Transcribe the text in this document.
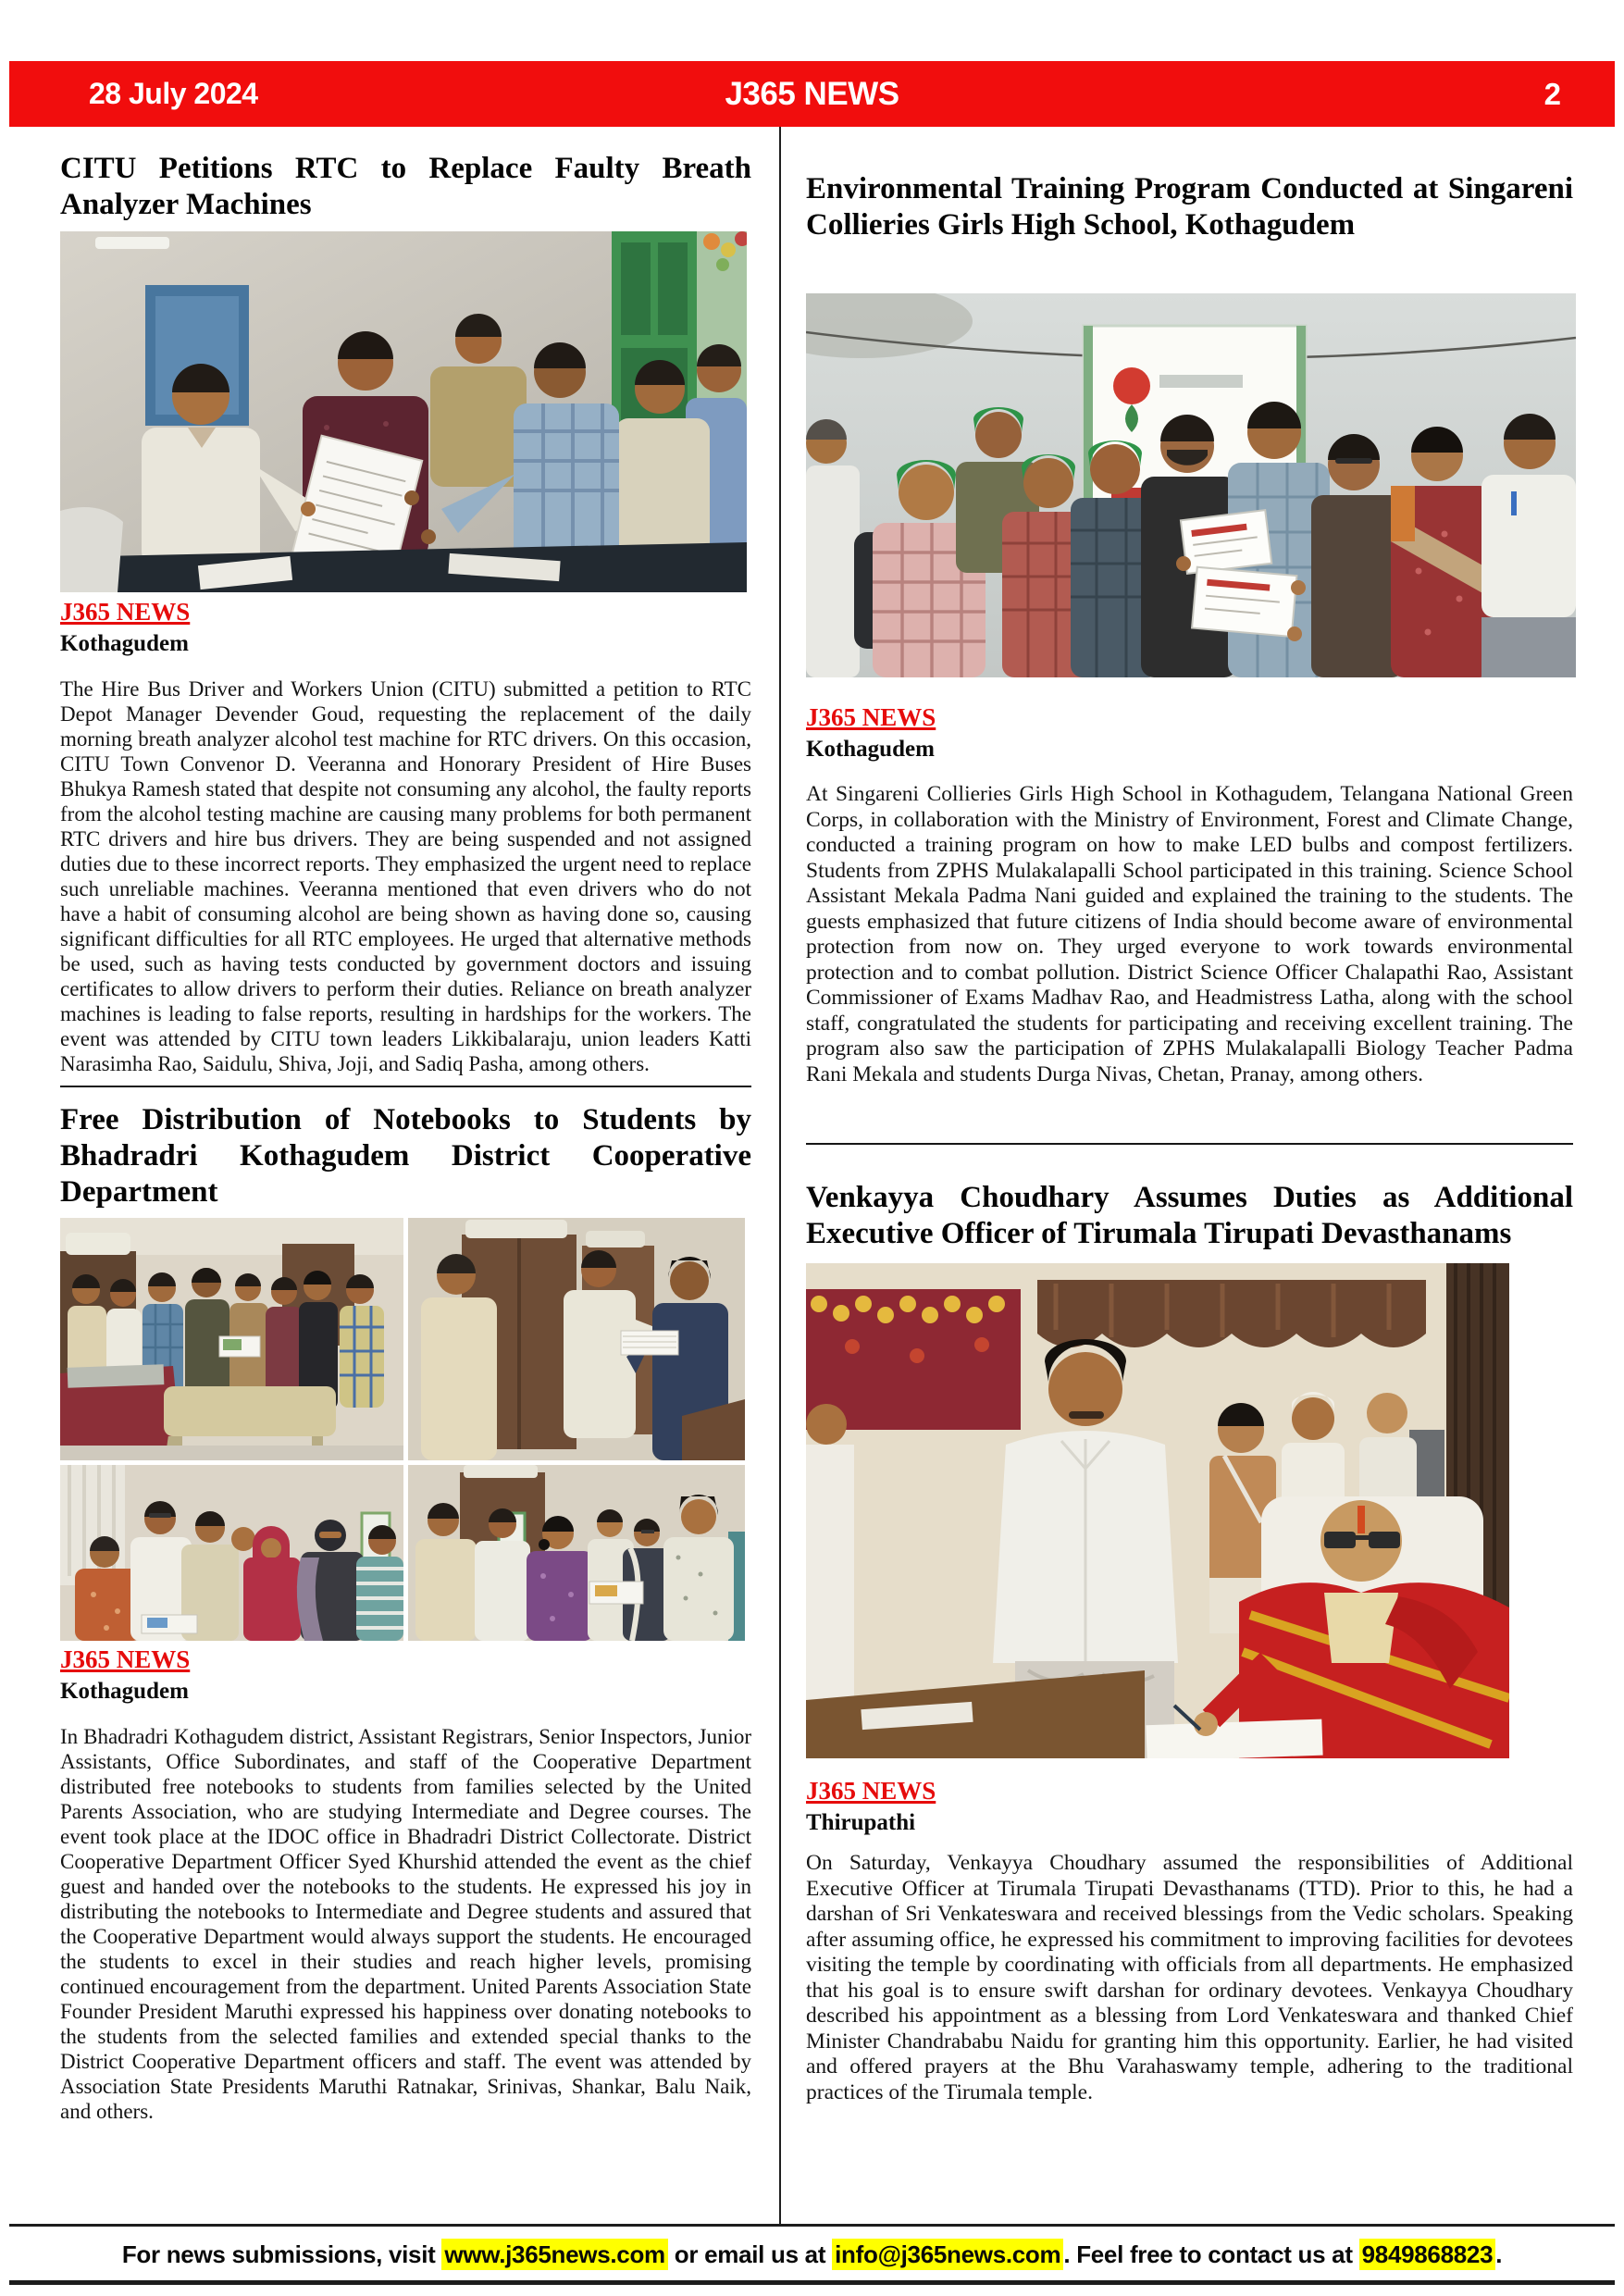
28 July 2024	J365 NEWS	2
CITU Petitions RTC to Replace Faulty Breath Analyzer Machines
J365 NEWS
Kothagudem

The Hire Bus Driver and Workers Union (CITU) submitted a petition to RTC Depot Manager Devender Goud, requesting the replacement of the daily morning breath analyzer alcohol test machine for RTC drivers. On this occasion, CITU Town Convenor D. Veeranna and Honorary President of Hire Buses Bhukya Ramesh stated that despite not consuming any alcohol, the faulty reports from the alcohol testing machine are causing many problems for both permanent RTC drivers and hire bus drivers. They are being suspended and not assigned duties due to these incorrect reports. They emphasized the urgent need to replace such unreliable machines. Veeranna mentioned that even drivers who do not have a habit of consuming alcohol are being shown as having done so, causing significant difficulties for all RTC employees. He urged that alternative methods be used, such as having tests conducted by government doctors and issuing certificates to allow drivers to perform their duties. Reliance on breath analyzer machines is leading to false reports, resulting in hardships for the workers. The event was attended by CITU town leaders Likkibalaraju, union leaders Katti Narasimha Rao, Saidulu, Shiva, Joji, and Sadiq Pasha, among others.

Free Distribution of Notebooks to Students by Bhadradri Kothagudem District Cooperative Department
J365 NEWS
Kothagudem

In Bhadradri Kothagudem district, Assistant Registrars, Senior Inspectors, Junior Assistants, Office Subordinates, and staff of the Cooperative Department distributed free notebooks to students from families selected by the United Parents Association, who are studying Intermediate and Degree courses. The event took place at the IDOC office in Bhadradri District Collectorate. District Cooperative Department Officer Syed Khurshid attended the event as the chief guest and handed over the notebooks to the students. He expressed his joy in distributing the notebooks to Intermediate and Degree students and assured that the Cooperative Department would always support the students. He encouraged the students to excel in their studies and reach higher levels, promising continued encouragement from the department. United Parents Association State Founder President Maruthi expressed his happiness over donating notebooks to the students from the selected families and extended special thanks to the District Cooperative Department officers and staff. The event was attended by Association State Presidents Maruthi Ratnakar, Srinivas, Shankar, Balu Naik, and others.

Environmental Training Program Conducted at Singareni Collieries Girls High School, Kothagudem
J365 NEWS
Kothagudem

At Singareni Collieries Girls High School in Kothagudem, Telangana National Green Corps, in collaboration with the Ministry of Environment, Forest and Climate Change, conducted a training program on how to make LED bulbs and compost fertilizers. Students from ZPHS Mulakalapalli School participated in this training. Science School Assistant Mekala Padma Nani guided and explained the training to the students. The guests emphasized that future citizens of India should become aware of environmental protection from now on. They urged everyone to work towards environmental protection and to combat pollution. District Science Officer Chalapathi Rao, Assistant Commissioner of Exams Madhav Rao, and Headmistress Latha, along with the school staff, congratulated the students for participating and receiving excellent training. The program also saw the participation of ZPHS Mulakalapalli Biology Teacher Padma Rani Mekala and students Durga Nivas, Chetan, Pranay, among others.

Venkayya Choudhary Assumes Duties as Additional Executive Officer of Tirumala Tirupati Devasthanams
J365 NEWS
Thirupathi

On Saturday, Venkayya Choudhary assumed the responsibilities of Additional Executive Officer at Tirumala Tirupati Devasthanams (TTD). Prior to this, he had a darshan of Sri Venkateswara and received blessings from the Vedic scholars. Speaking after assuming office, he expressed his commitment to improving facilities for devotees visiting the temple by coordinating with officials from all departments. He emphasized that his goal is to ensure swift darshan for ordinary devotees. Venkayya Choudhary described his appointment as a blessing from Lord Venkateswara and thanked Chief Minister Chandrababu Naidu for granting him this opportunity. Earlier, he had visited and offered prayers at the Bhu Varahaswamy temple, adhering to the traditional practices of the Tirumala temple.

For news submissions, visit www.j365news.com or email us at info@j365news.com . Feel free to contact us at 9849868823 .
